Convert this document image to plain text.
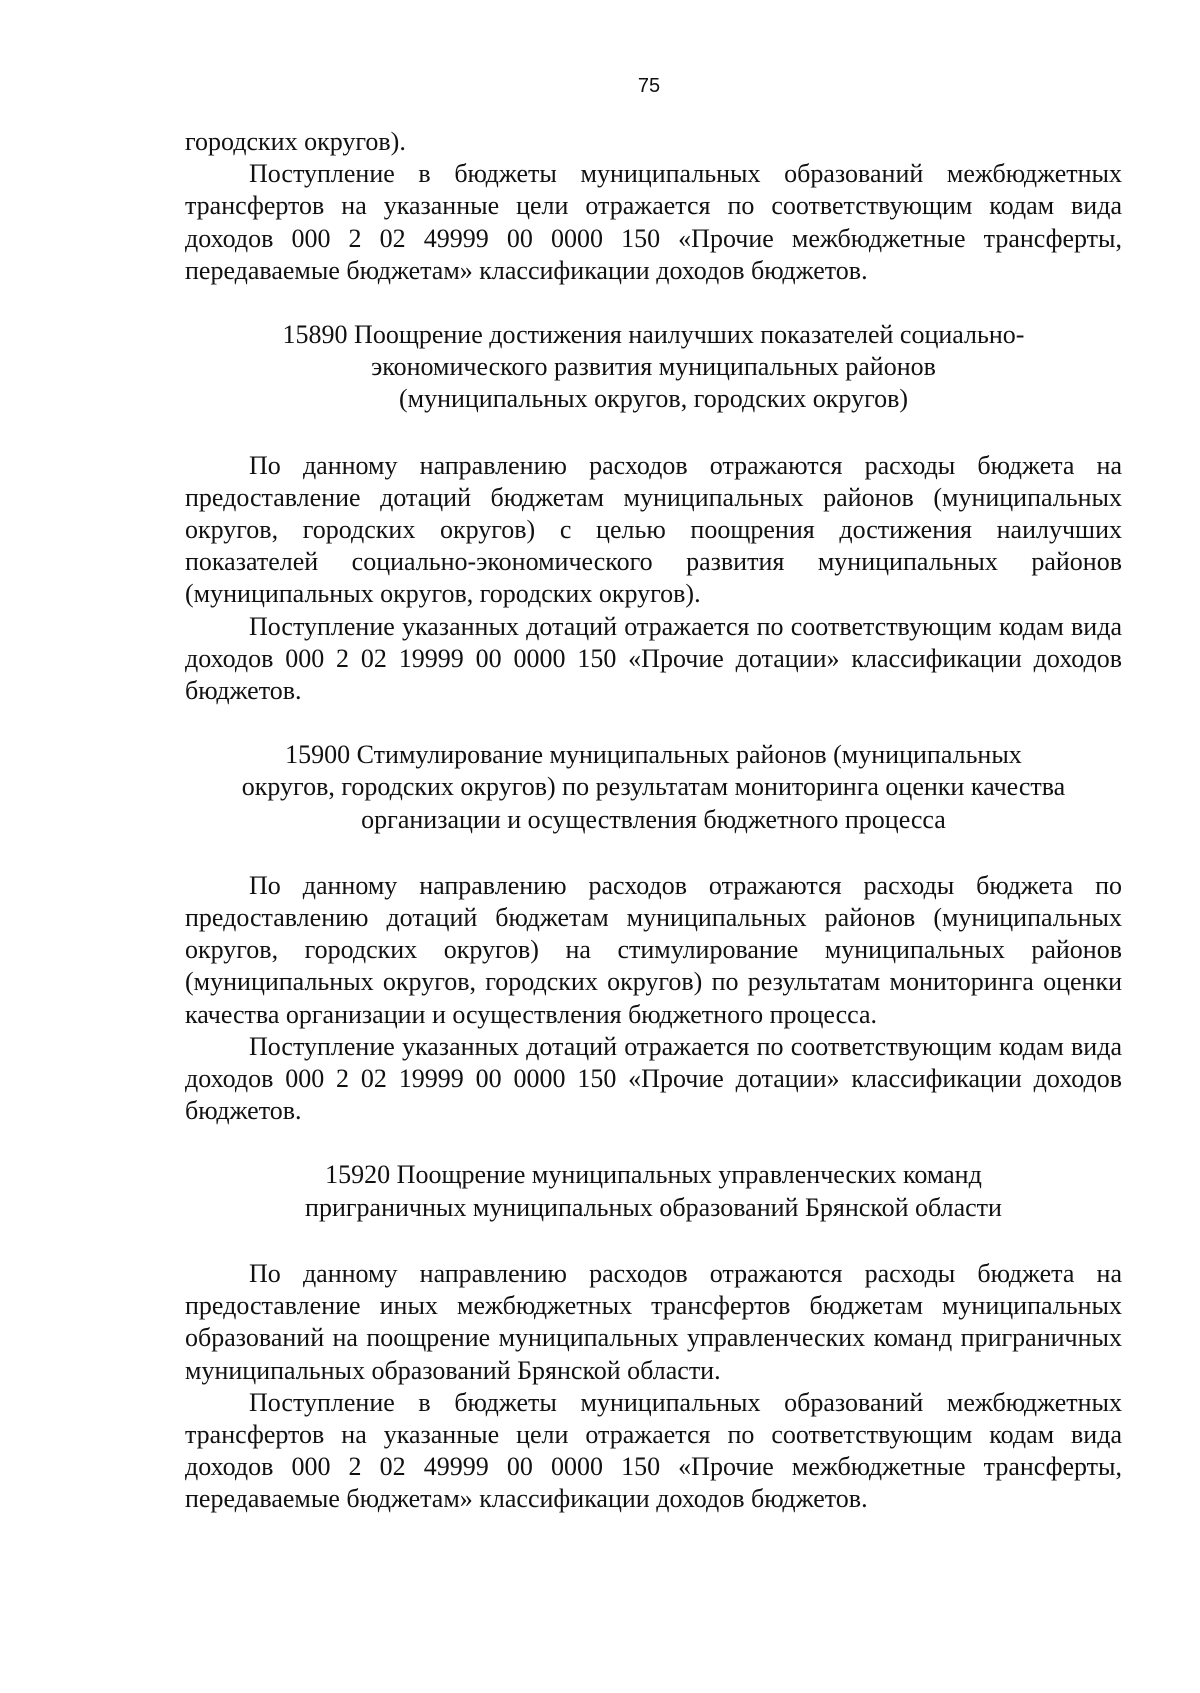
75

городских округов).

Поступление в бюджеты муниципальных образований межбюджетных трансфертов на указанные цели отражается по соответствующим кодам вида доходов 000 2 02 49999 00 0000 150 «Прочие межбюджетные трансферты, передаваемые бюджетам» классификации доходов бюджетов.

15890 Поощрение достижения наилучших показателей социально-
экономического развития муниципальных районов
(муниципальных округов, городских округов)

По данному направлению расходов отражаются расходы бюджета на предоставление дотаций бюджетам муниципальных районов (муниципальных округов, городских округов) с целью поощрения достижения наилучших показателей социально-экономического развития муниципальных районов (муниципальных округов, городских округов).

Поступление указанных дотаций отражается по соответствующим кодам вида доходов 000 2 02 19999 00 0000 150 «Прочие дотации» классификации доходов бюджетов.

15900 Стимулирование муниципальных районов (муниципальных
округов, городских округов) по результатам мониторинга оценки качества
организации и осуществления бюджетного процесса

По данному направлению расходов отражаются расходы бюджета по предоставлению дотаций бюджетам муниципальных районов (муниципальных округов, городских округов) на стимулирование муниципальных районов (муниципальных округов, городских округов) по результатам мониторинга оценки качества организации и осуществления бюджетного процесса.

Поступление указанных дотаций отражается по соответствующим кодам вида доходов 000 2 02 19999 00 0000 150 «Прочие дотации» классификации доходов бюджетов.

15920 Поощрение муниципальных управленческих команд
приграничных муниципальных образований Брянской области

По данному направлению расходов отражаются расходы бюджета на предоставление иных межбюджетных трансфертов бюджетам муниципальных образований на поощрение муниципальных управленческих команд приграничных муниципальных образований Брянской области.

Поступление в бюджеты муниципальных образований межбюджетных трансфертов на указанные цели отражается по соответствующим кодам вида доходов 000 2 02 49999 00 0000 150 «Прочие межбюджетные трансферты, передаваемые бюджетам» классификации доходов бюджетов.
